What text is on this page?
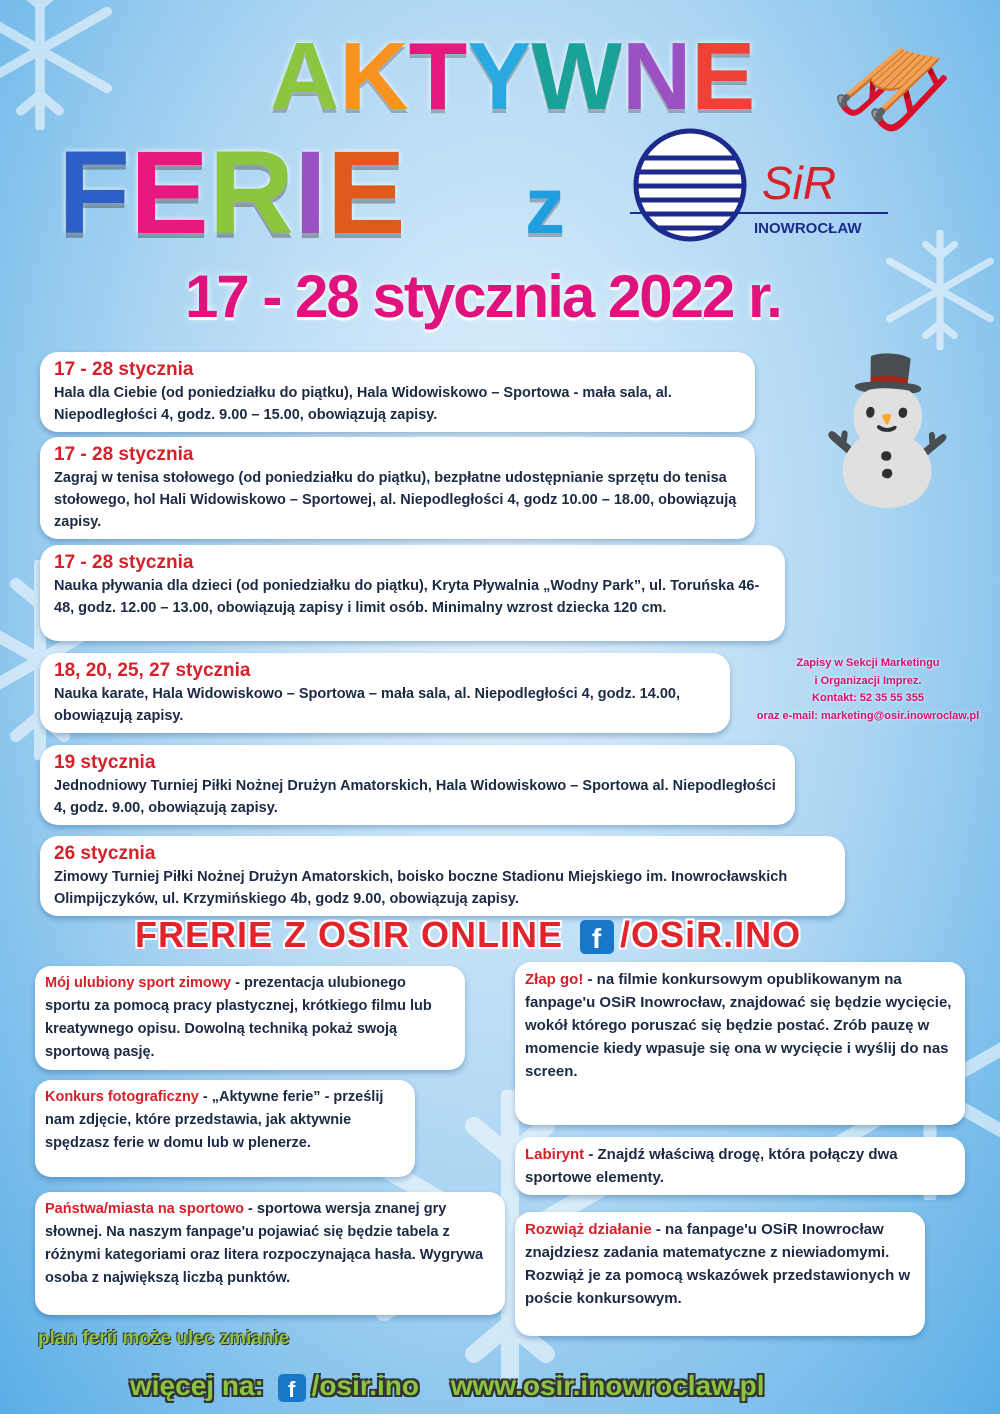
AKTYWNE
FERIE z	SiR
INOWROCŁAW
17 - 28 stycznia 2022 r.
⛄
🛷
17 - 28 stycznia

Hala dla Ciebie (od poniedziałku do piątku), Hala Widowiskowo – Sportowa - mała sala, al. Niepodległości 4, godz. 9.00 – 15.00, obowiązują zapisy.

17 - 28 stycznia

Zagraj w tenisa stołowego (od poniedziałku do piątku), bezpłatne udostępnianie sprzętu do tenisa stołowego, hol Hali Widowiskowo – Sportowej, al. Niepodległości 4, godz 10.00 – 18.00, obowiązują zapisy.

17 - 28 stycznia

Nauka pływania dla dzieci (od poniedziałku do piątku), Kryta Pływalnia „Wodny Park”, ul. Toruńska 46-48, godz. 12.00 – 13.00, obowiązują zapisy i limit osób. Minimalny wzrost dziecka 120 cm.

18, 20, 25, 27 stycznia

Nauka karate, Hala Widowiskowo – Sportowa – mała sala, al. Niepodległości 4, godz. 14.00, obowiązują zapisy.

19 stycznia

Jednodniowy Turniej Piłki Nożnej Drużyn Amatorskich, Hala Widowiskowo – Sportowa al. Niepodległości 4, godz. 9.00, obowiązują zapisy.

26 stycznia

Zimowy Turniej Piłki Nożnej Drużyn Amatorskich, boisko boczne Stadionu Miejskiego im. Inowrocławskich Olimpijczyków, ul. Krzymińskiego 4b, godz 9.00, obowiązują zapisy.

Zapisy w Sekcji Marketingu
i Organizacji Imprez.
Kontakt: 52 35 55 355
oraz e-mail: marketing@osir.inowroclaw.pl
FRERIE Z OSIR ONLINE f /OSiR.INO
Mój ulubiony sport zimowy - prezentacja ulubionego sportu za pomocą pracy plastycznej, krótkiego filmu lub kreatywnego opisu. Dowolną techniką pokaż swoją sportową pasję.
Konkurs fotograficzny - „Aktywne ferie” - prześlij nam zdjęcie, które przedstawia, jak aktywnie spędzasz ferie w domu lub w plenerze.
Państwa/miasta na sportowo - sportowa wersja znanej gry słownej. Na naszym fanpage'u pojawiać się będzie tabela z różnymi kategoriami oraz litera rozpoczynająca hasła. Wygrywa osoba z największą liczbą punktów.
Złap go! - na filmie konkursowym opublikowanym na fanpage'u OSiR Inowrocław, znajdować się będzie wycięcie, wokół którego poruszać się będzie postać. Zrób pauzę w momencie kiedy wpasuje się ona w wycięcie i wyślij do nas screen.
Labirynt - Znajdź właściwą drogę, która połączy dwa sportowe elementy.
Rozwiąż działanie - na fanpage'u OSiR Inowrocław znajdziesz zadania matematyczne z niewiadomymi. Rozwiąż je za pomocą wskazówek przedstawionych w poście konkursowym.
plan ferii może ulec zmianie
więcej na: f /osir.ino www.osir.inowroclaw.pl
